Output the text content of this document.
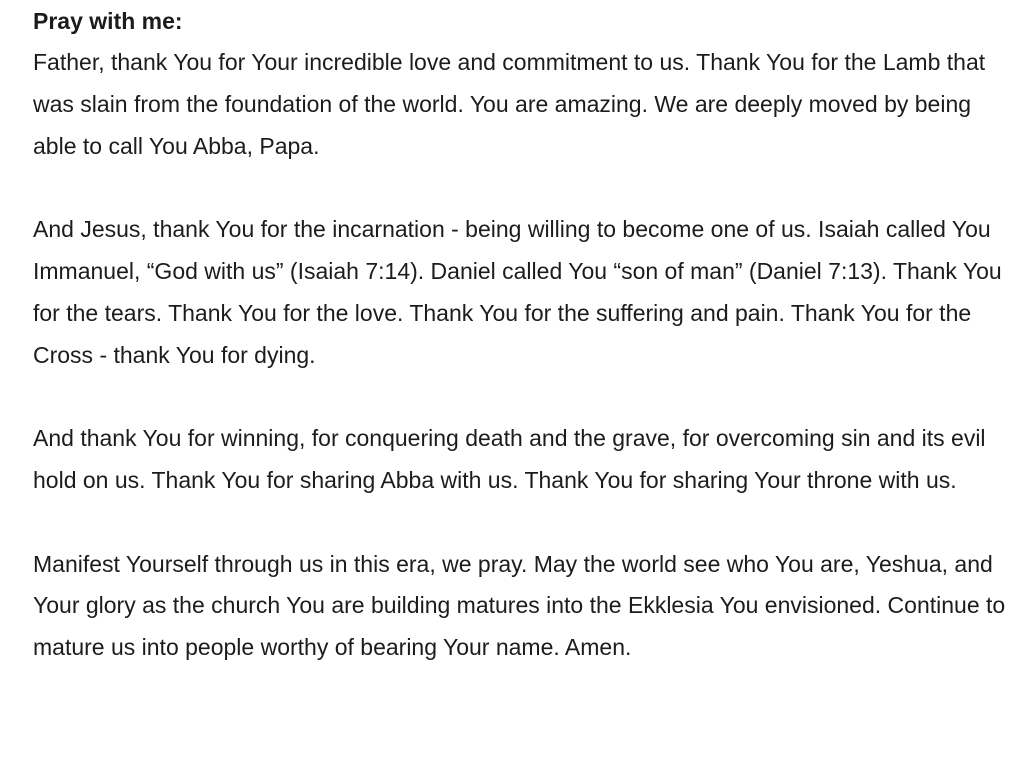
Pray with me:

Father, thank You for Your incredible love and commitment to us. Thank You for the Lamb that was slain from the foundation of the world. You are amazing. We are deeply moved by being able to call You Abba, Papa.

And Jesus, thank You for the incarnation - being willing to become one of us. Isaiah called You Immanuel, “God with us” (Isaiah 7:14). Daniel called You “son of man” (Daniel 7:13). Thank You for the tears. Thank You for the love. Thank You for the suffering and pain. Thank You for the Cross - thank You for dying.

And thank You for winning, for conquering death and the grave, for overcoming sin and its evil hold on us. Thank You for sharing Abba with us. Thank You for sharing Your throne with us.

Manifest Yourself through us in this era, we pray. May the world see who You are, Yeshua, and Your glory as the church You are building matures into the Ekklesia You envisioned. Continue to mature us into people worthy of bearing Your name. Amen.
